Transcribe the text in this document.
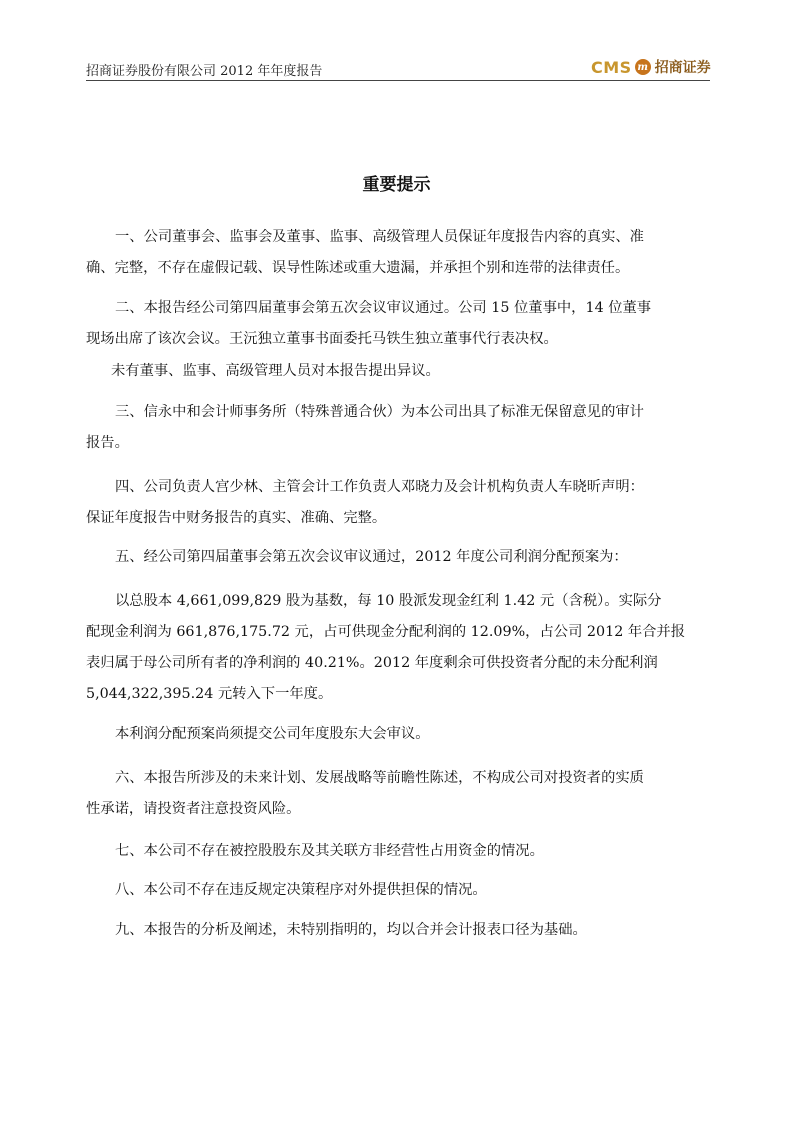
招商证券股份有限公司 2012 年年度报告	CMS m 招商证券
重要提示
一、公司董事会、监事会及董事、监事、高级管理人员保证年度报告内容的真实、准
确、完整，不存在虚假记载、误导性陈述或重大遗漏，并承担个别和连带的法律责任。
二、本报告经公司第四届董事会第五次会议审议通过。公司 15 位董事中，14 位董事
现场出席了该次会议。王沅独立董事书面委托马铁生独立董事代行表决权。
未有董事、监事、高级管理人员对本报告提出异议。
三、信永中和会计师事务所（特殊普通合伙）为本公司出具了标准无保留意见的审计
报告。
四、公司负责人宫少林、主管会计工作负责人邓晓力及会计机构负责人车晓昕声明：
保证年度报告中财务报告的真实、准确、完整。
五、经公司第四届董事会第五次会议审议通过，2012 年度公司利润分配预案为：
以总股本 4,661,099,829 股为基数，每 10 股派发现金红利 1.42 元（含税）。实际分
配现金利润为 661,876,175.72 元，占可供现金分配利润的 12.09%，占公司 2012 年合并报
表归属于母公司所有者的净利润的 40.21%。2012 年度剩余可供投资者分配的未分配利润
5,044,322,395.24 元转入下一年度。
本利润分配预案尚须提交公司年度股东大会审议。
六、本报告所涉及的未来计划、发展战略等前瞻性陈述，不构成公司对投资者的实质
性承诺，请投资者注意投资风险。
七、本公司不存在被控股股东及其关联方非经营性占用资金的情况。
八、本公司不存在违反规定决策程序对外提供担保的情况。
九、本报告的分析及阐述，未特别指明的，均以合并会计报表口径为基础。
